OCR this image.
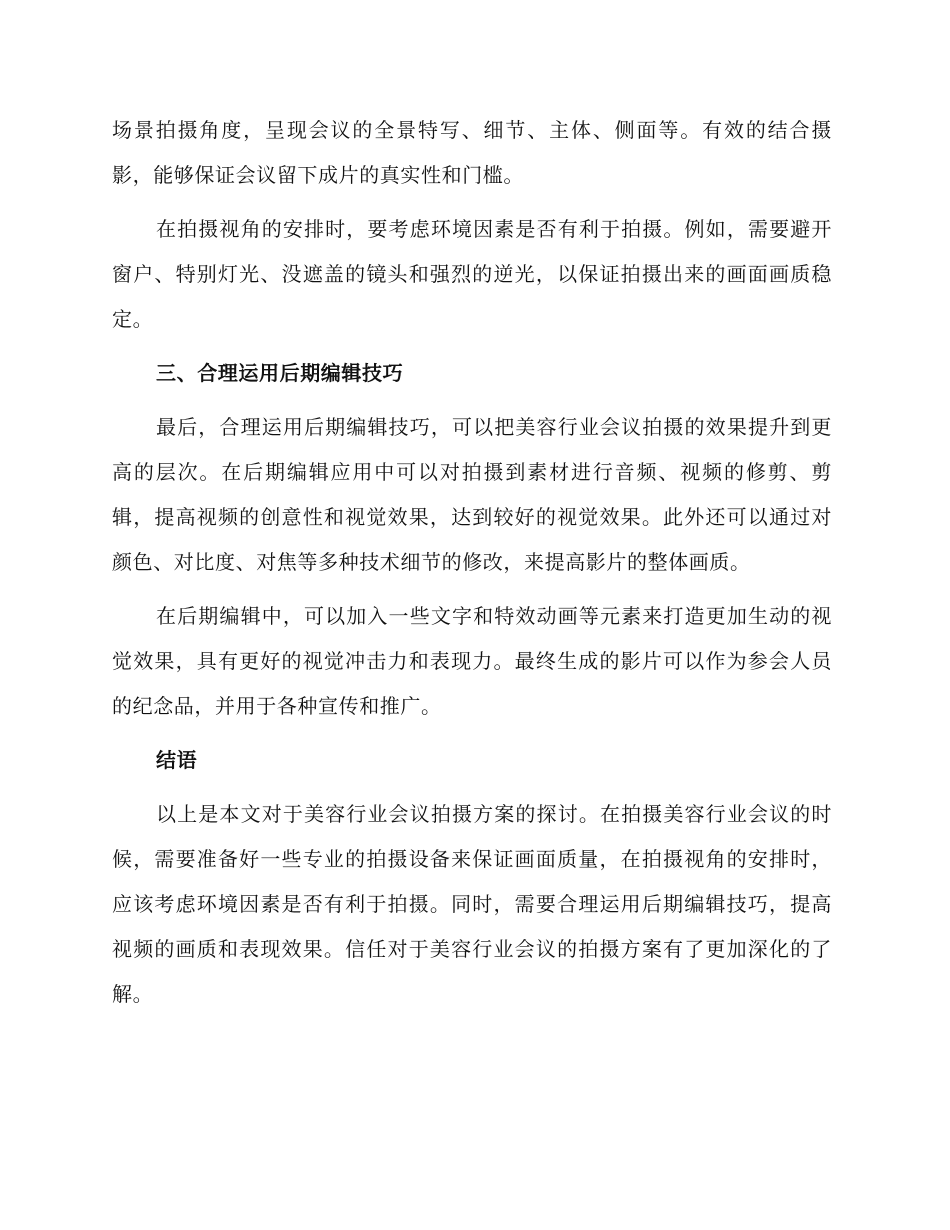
场景拍摄角度，呈现会议的全景特写、细节、主体、侧面等。有效的结合摄影，能够保证会议留下成片的真实性和门槛。

在拍摄视角的安排时，要考虑环境因素是否有利于拍摄。例如，需要避开窗户、特别灯光、没遮盖的镜头和强烈的逆光，以保证拍摄出来的画面画质稳定。

三、合理运用后期编辑技巧

最后，合理运用后期编辑技巧，可以把美容行业会议拍摄的效果提升到更高的层次。在后期编辑应用中可以对拍摄到素材进行音频、视频的修剪、剪辑，提高视频的创意性和视觉效果，达到较好的视觉效果。此外还可以通过对颜色、对比度、对焦等多种技术细节的修改，来提高影片的整体画质。

在后期编辑中，可以加入一些文字和特效动画等元素来打造更加生动的视觉效果，具有更好的视觉冲击力和表现力。最终生成的影片可以作为参会人员的纪念品，并用于各种宣传和推广。

结语

以上是本文对于美容行业会议拍摄方案的探讨。在拍摄美容行业会议的时候，需要准备好一些专业的拍摄设备来保证画面质量，在拍摄视角的安排时，应该考虑环境因素是否有利于拍摄。同时，需要合理运用后期编辑技巧，提高视频的画质和表现效果。信任对于美容行业会议的拍摄方案有了更加深化的了解。
